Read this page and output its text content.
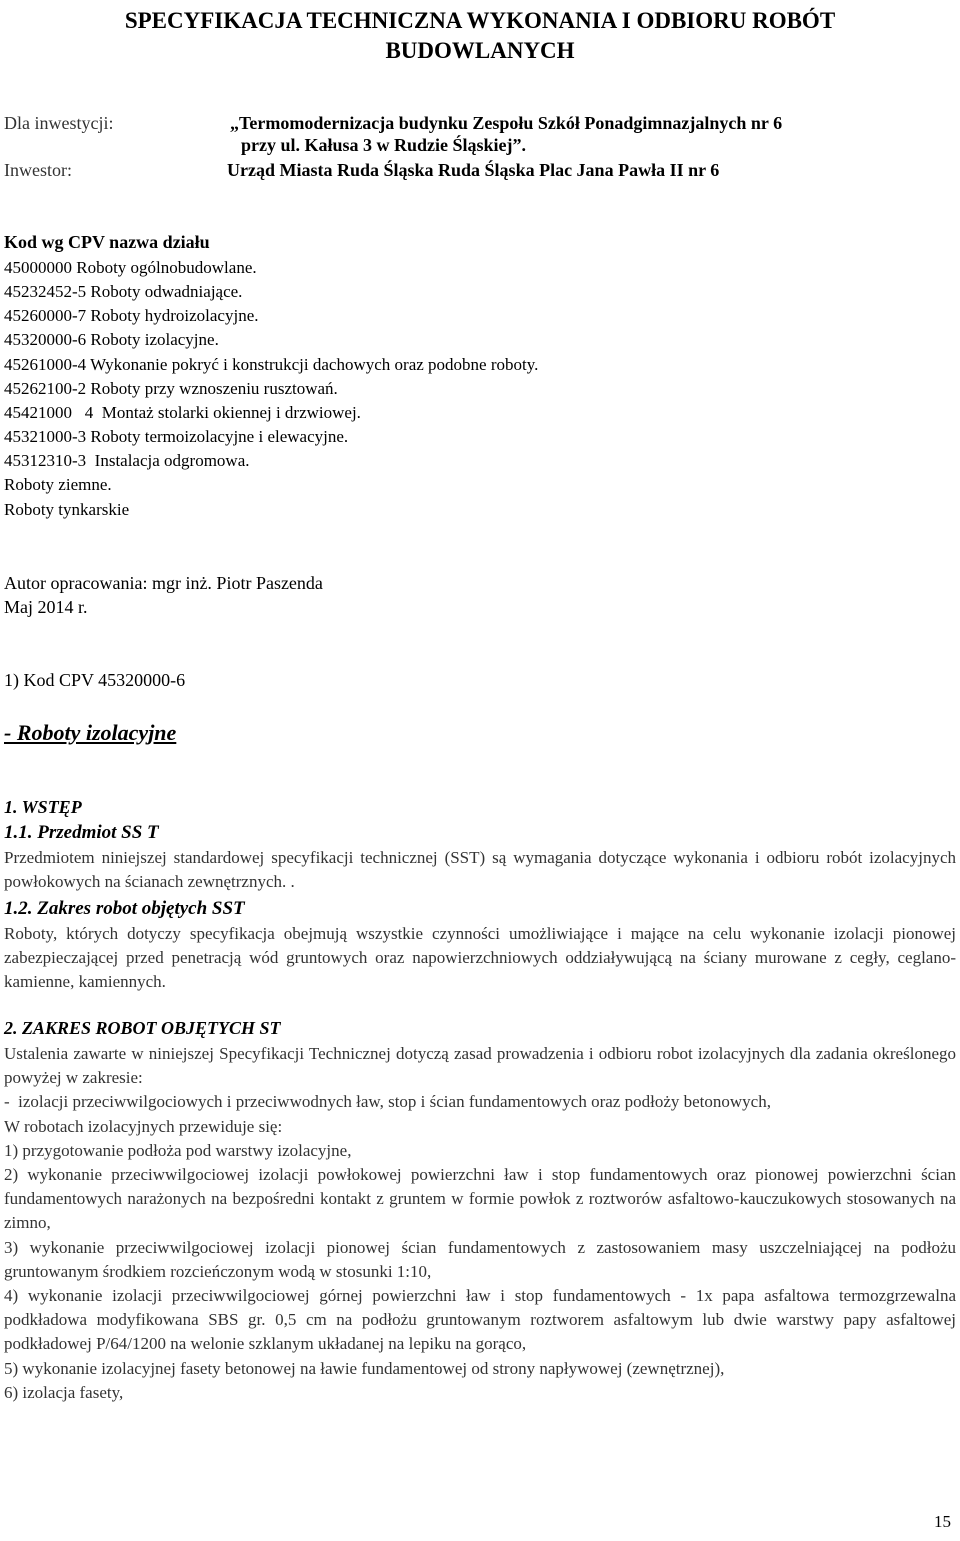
SPECYFIKACJA TECHNICZNA WYKONANIA I ODBIORU ROBÓT
BUDOWLANYCH
Dla inwestycji:	„Termomodernizacja budynku Zespołu Szkół Ponadgimnazjalnych nr 6
przy ul. Kałusa 3 w Rudzie Śląskiej”.
Inwestor:	Urząd Miasta Ruda Śląska Ruda Śląska Plac Jana Pawła II nr 6
Kod wg CPV nazwa działu
45000000 Roboty ogólnobudowlane.
45232452-5 Roboty odwadniające.
45260000-7 Roboty hydroizolacyjne.
45320000-6 Roboty izolacyjne.
45261000-4 Wykonanie pokryć i konstrukcji dachowych oraz podobne roboty.
45262100-2 Roboty przy wznoszeniu rusztowań.
45421000   4  Montaż stolarki okiennej i drzwiowej.
45321000-3 Roboty termoizolacyjne i elewacyjne.
45312310-3  Instalacja odgromowa.
Roboty ziemne.
Roboty tynkarskie
Autor opracowania: mgr inż. Piotr Paszenda
Maj 2014 r.
1) Kod CPV 45320000-6
- Roboty izolacyjne
1. WSTĘP
1.1. Przedmiot SS T

Przedmiotem niniejszej standardowej specyfikacji technicznej (SST) są wymagania dotyczące wykonania i odbioru robót izolacyjnych powłokowych na ścianach zewnętrznych. .

1.2. Zakres robot objętych SST

Roboty, których dotyczy specyfikacja obejmują wszystkie czynności umożliwiające i mające na celu wykonanie izolacji pionowej zabezpieczającej przed penetracją wód gruntowych oraz napowierzchniowych oddziaływującą na ściany murowane z cegły, ceglano-kamienne, kamiennych.

2. ZAKRES ROBOT OBJĘTYCH ST

Ustalenia zawarte w niniejszej Specyfikacji Technicznej dotyczą zasad prowadzenia i odbioru robot izolacyjnych dla zadania określonego powyżej w zakresie:

-  izolacji przeciwwilgociowych i przeciwwodnych ław, stop i ścian fundamentowych oraz podłoży betonowych,

W robotach izolacyjnych przewiduje się:

1) przygotowanie podłoża pod warstwy izolacyjne,

2) wykonanie przeciwwilgociowej izolacji powłokowej powierzchni ław i stop fundamentowych oraz pionowej powierzchni ścian fundamentowych narażonych na bezpośredni kontakt z gruntem w formie powłok z roztworów asfaltowo-kauczukowych stosowanych na zimno,

3) wykonanie przeciwwilgociowej izolacji pionowej ścian fundamentowych z zastosowaniem masy uszczelniającej na podłożu gruntowanym środkiem rozcieńczonym wodą w stosunki 1:10,

4) wykonanie izolacji przeciwwilgociowej górnej powierzchni ław i stop fundamentowych - 1x papa asfaltowa termozgrzewalna podkładowa modyfikowana SBS gr. 0,5 cm na podłożu gruntowanym roztworem asfaltowym lub dwie warstwy papy asfaltowej podkładowej P/64/1200 na welonie szklanym układanej na lepiku na gorąco,

5) wykonanie izolacyjnej fasety betonowej na ławie fundamentowej od strony napływowej (zewnętrznej),

6) izolacja fasety,

15
